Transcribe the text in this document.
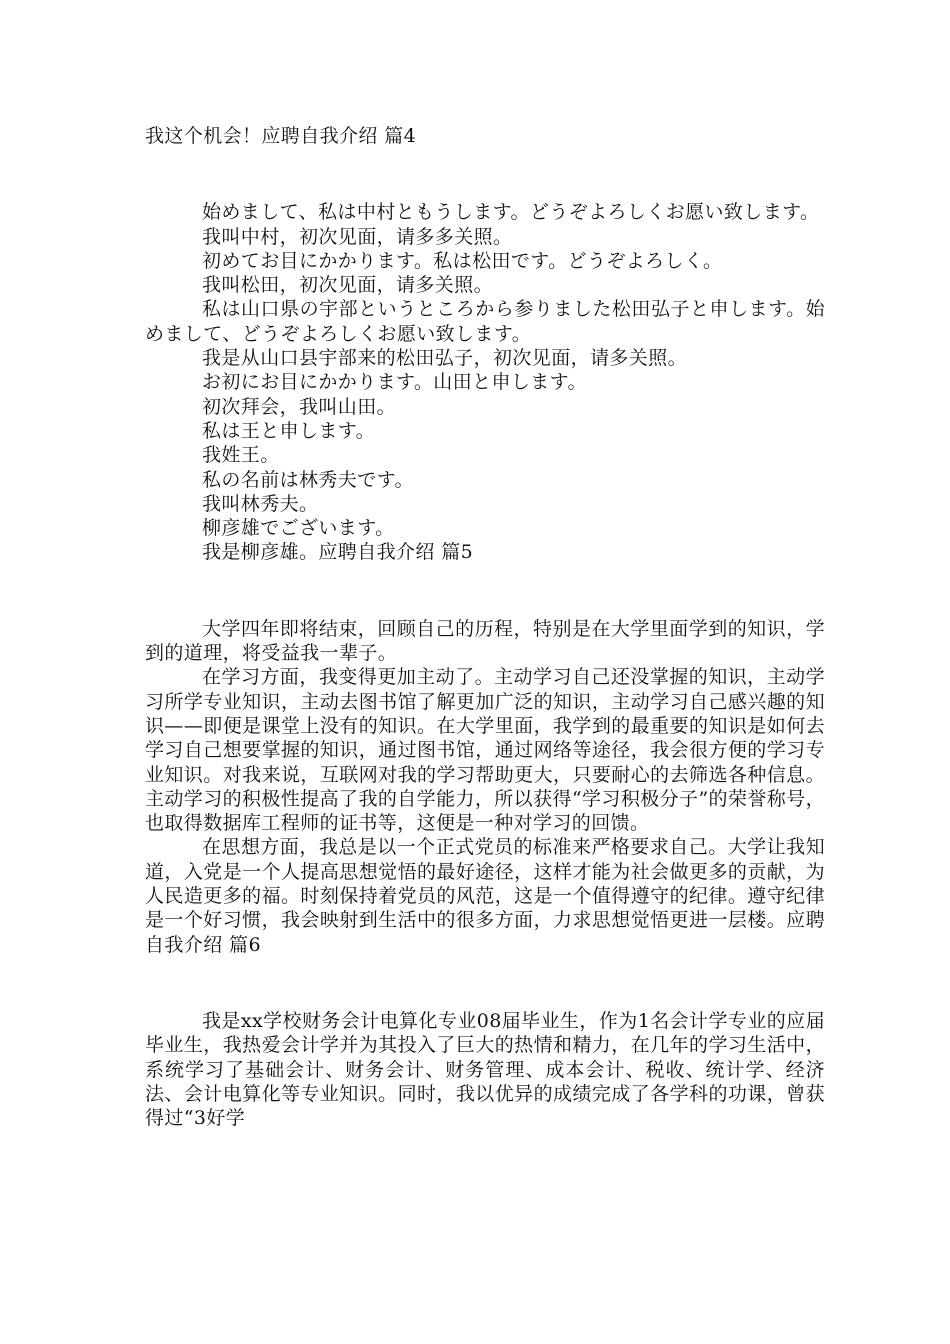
我这个机会！应聘自我介绍 篇4

始めまして、私は中村ともうします。どうぞよろしくお愿い致します。

我叫中村，初次见面，请多多关照。

初めてお目にかかります。私は松田です。どうぞよろしく。

我叫松田，初次见面，请多关照。

私は山口県の宇部というところから参りました松田弘子と申します。始めまして、どうぞよろしくお愿い致します。

我是从山口县宇部来的松田弘子，初次见面，请多关照。

お初にお目にかかります。山田と申します。

初次拜会，我叫山田。

私は王と申します。

我姓王。

私の名前は林秀夫です。

我叫林秀夫。

柳彦雄でございます。

我是柳彦雄。应聘自我介绍 篇5

大学四年即将结束，回顾自己的历程，特别是在大学里面学到的知识，学到的道理，将受益我一辈子。

在学习方面，我变得更加主动了。主动学习自己还没掌握的知识，主动学习所学专业知识，主动去图书馆了解更加广泛的知识，主动学习自己感兴趣的知识——即便是课堂上没有的知识。在大学里面，我学到的最重要的知识是如何去学习自己想要掌握的知识，通过图书馆，通过网络等途径，我会很方便的学习专业知识。对我来说，互联网对我的学习帮助更大，只要耐心的去筛选各种信息。主动学习的积极性提高了我的自学能力，所以获得“学习积极分子”的荣誉称号，也取得数据库工程师的证书等，这便是一种对学习的回馈。

在思想方面，我总是以一个正式党员的标准来严格要求自己。大学让我知道，入党是一个人提高思想觉悟的最好途径，这样才能为社会做更多的贡献，为人民造更多的福。时刻保持着党员的风范，这是一个值得遵守的纪律。遵守纪律是一个好习惯，我会映射到生活中的很多方面，力求思想觉悟更进一层楼。应聘自我介绍 篇6

我是xx学校财务会计电算化专业08届毕业生，作为1名会计学专业的应届毕业生，我热爱会计学并为其投入了巨大的热情和精力，在几年的学习生活中，系统学习了基础会计、财务会计、财务管理、成本会计、税收、统计学、经济法、会计电算化等专业知识。同时，我以优异的成绩完成了各学科的功课，曾获得过“3好学
